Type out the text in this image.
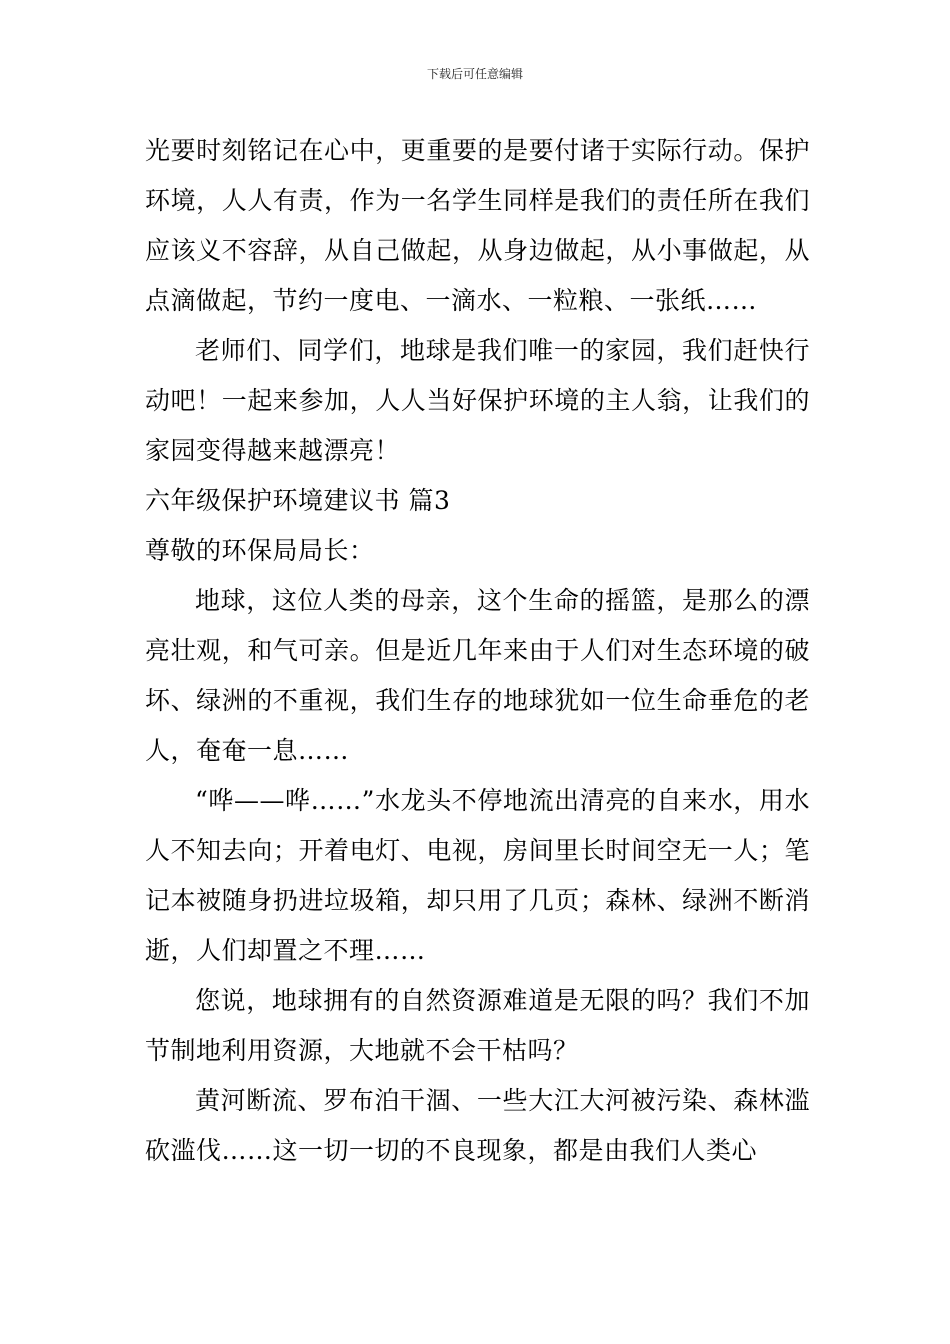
下载后可任意编辑

光要时刻铭记在心中，更重要的是要付诸于实际行动。保护环境，人人有责，作为一名学生同样是我们的责任所在我们应该义不容辞，从自己做起，从身边做起，从小事做起，从点滴做起，节约一度电、一滴水、一粒粮、一张纸……

老师们、同学们，地球是我们唯一的家园，我们赶快行动吧！一起来参加，人人当好保护环境的主人翁，让我们的家园变得越来越漂亮！

六年级保护环境建议书 篇3

尊敬的环保局局长：

地球，这位人类的母亲，这个生命的摇篮，是那么的漂亮壮观，和气可亲。但是近几年来由于人们对生态环境的破坏、绿洲的不重视，我们生存的地球犹如一位生命垂危的老人，奄奄一息……

“哗——哗……”水龙头不停地流出清亮的自来水，用水人不知去向；开着电灯、电视，房间里长时间空无一人；笔记本被随身扔进垃圾箱，却只用了几页；森林、绿洲不断消逝，人们却置之不理……

您说，地球拥有的自然资源难道是无限的吗？我们不加节制地利用资源，大地就不会干枯吗？

黄河断流、罗布泊干涸、一些大江大河被污染、森林滥砍滥伐……这一切一切的不良现象，都是由我们人类心
